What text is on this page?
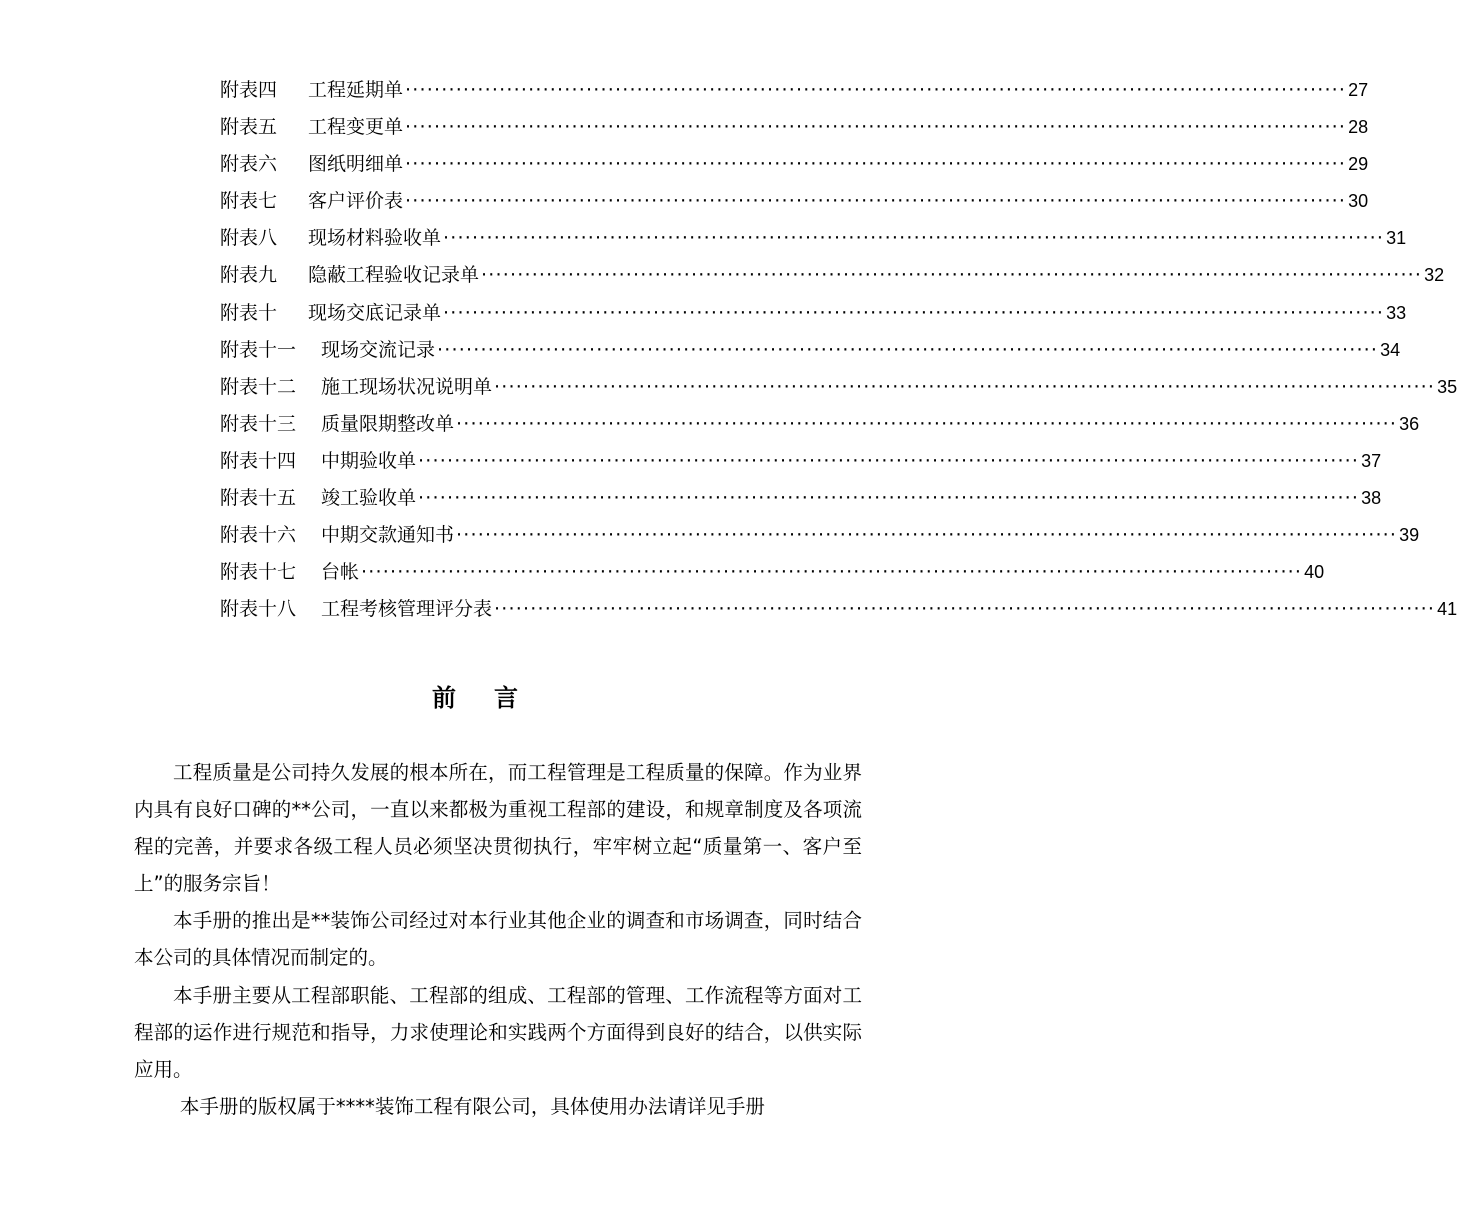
附表四	工程延期单 ·································································································································· 27
附表五	工程变更单 ·································································································································· 28
附表六	图纸明细单 ·································································································································· 29
附表七	客户评价表 ·································································································································· 30
附表八	现场材料验收单 ·································································································································· 31
附表九	隐蔽工程验收记录单 ·································································································································· 32
附表十	现场交底记录单 ·································································································································· 33
附表十一	现场交流记录 ·································································································································· 34
附表十二	施工现场状况说明单 ·································································································································· 35
附表十三	质量限期整改单 ·································································································································· 36
附表十四	中期验收单 ·································································································································· 37
附表十五	竣工验收单 ·································································································································· 38
附表十六	中期交款通知书 ·································································································································· 39
附表十七	台帐 ·································································································································· 40
附表十八	工程考核管理评分表 ·································································································································· 41
前言

工程质量是公司持久发展的根本所在，而工程管理是工程质量的保障。作为业界内具有良好口碑的**公司，一直以来都极为重视工程部的建设，和规章制度及各项流程的完善，并要求各级工程人员必须坚决贯彻执行，牢牢树立起“质量第一、客户至上”的服务宗旨！

本手册的推出是**装饰公司经过对本行业其他企业的调查和市场调查，同时结合本公司的具体情况而制定的。

本手册主要从工程部职能、工程部的组成、工程部的管理、工作流程等方面对工程部的运作进行规范和指导，力求使理论和实践两个方面得到良好的结合，以供实际应用。

本手册的版权属于****装饰工程有限公司，具体使用办法请详见手册
